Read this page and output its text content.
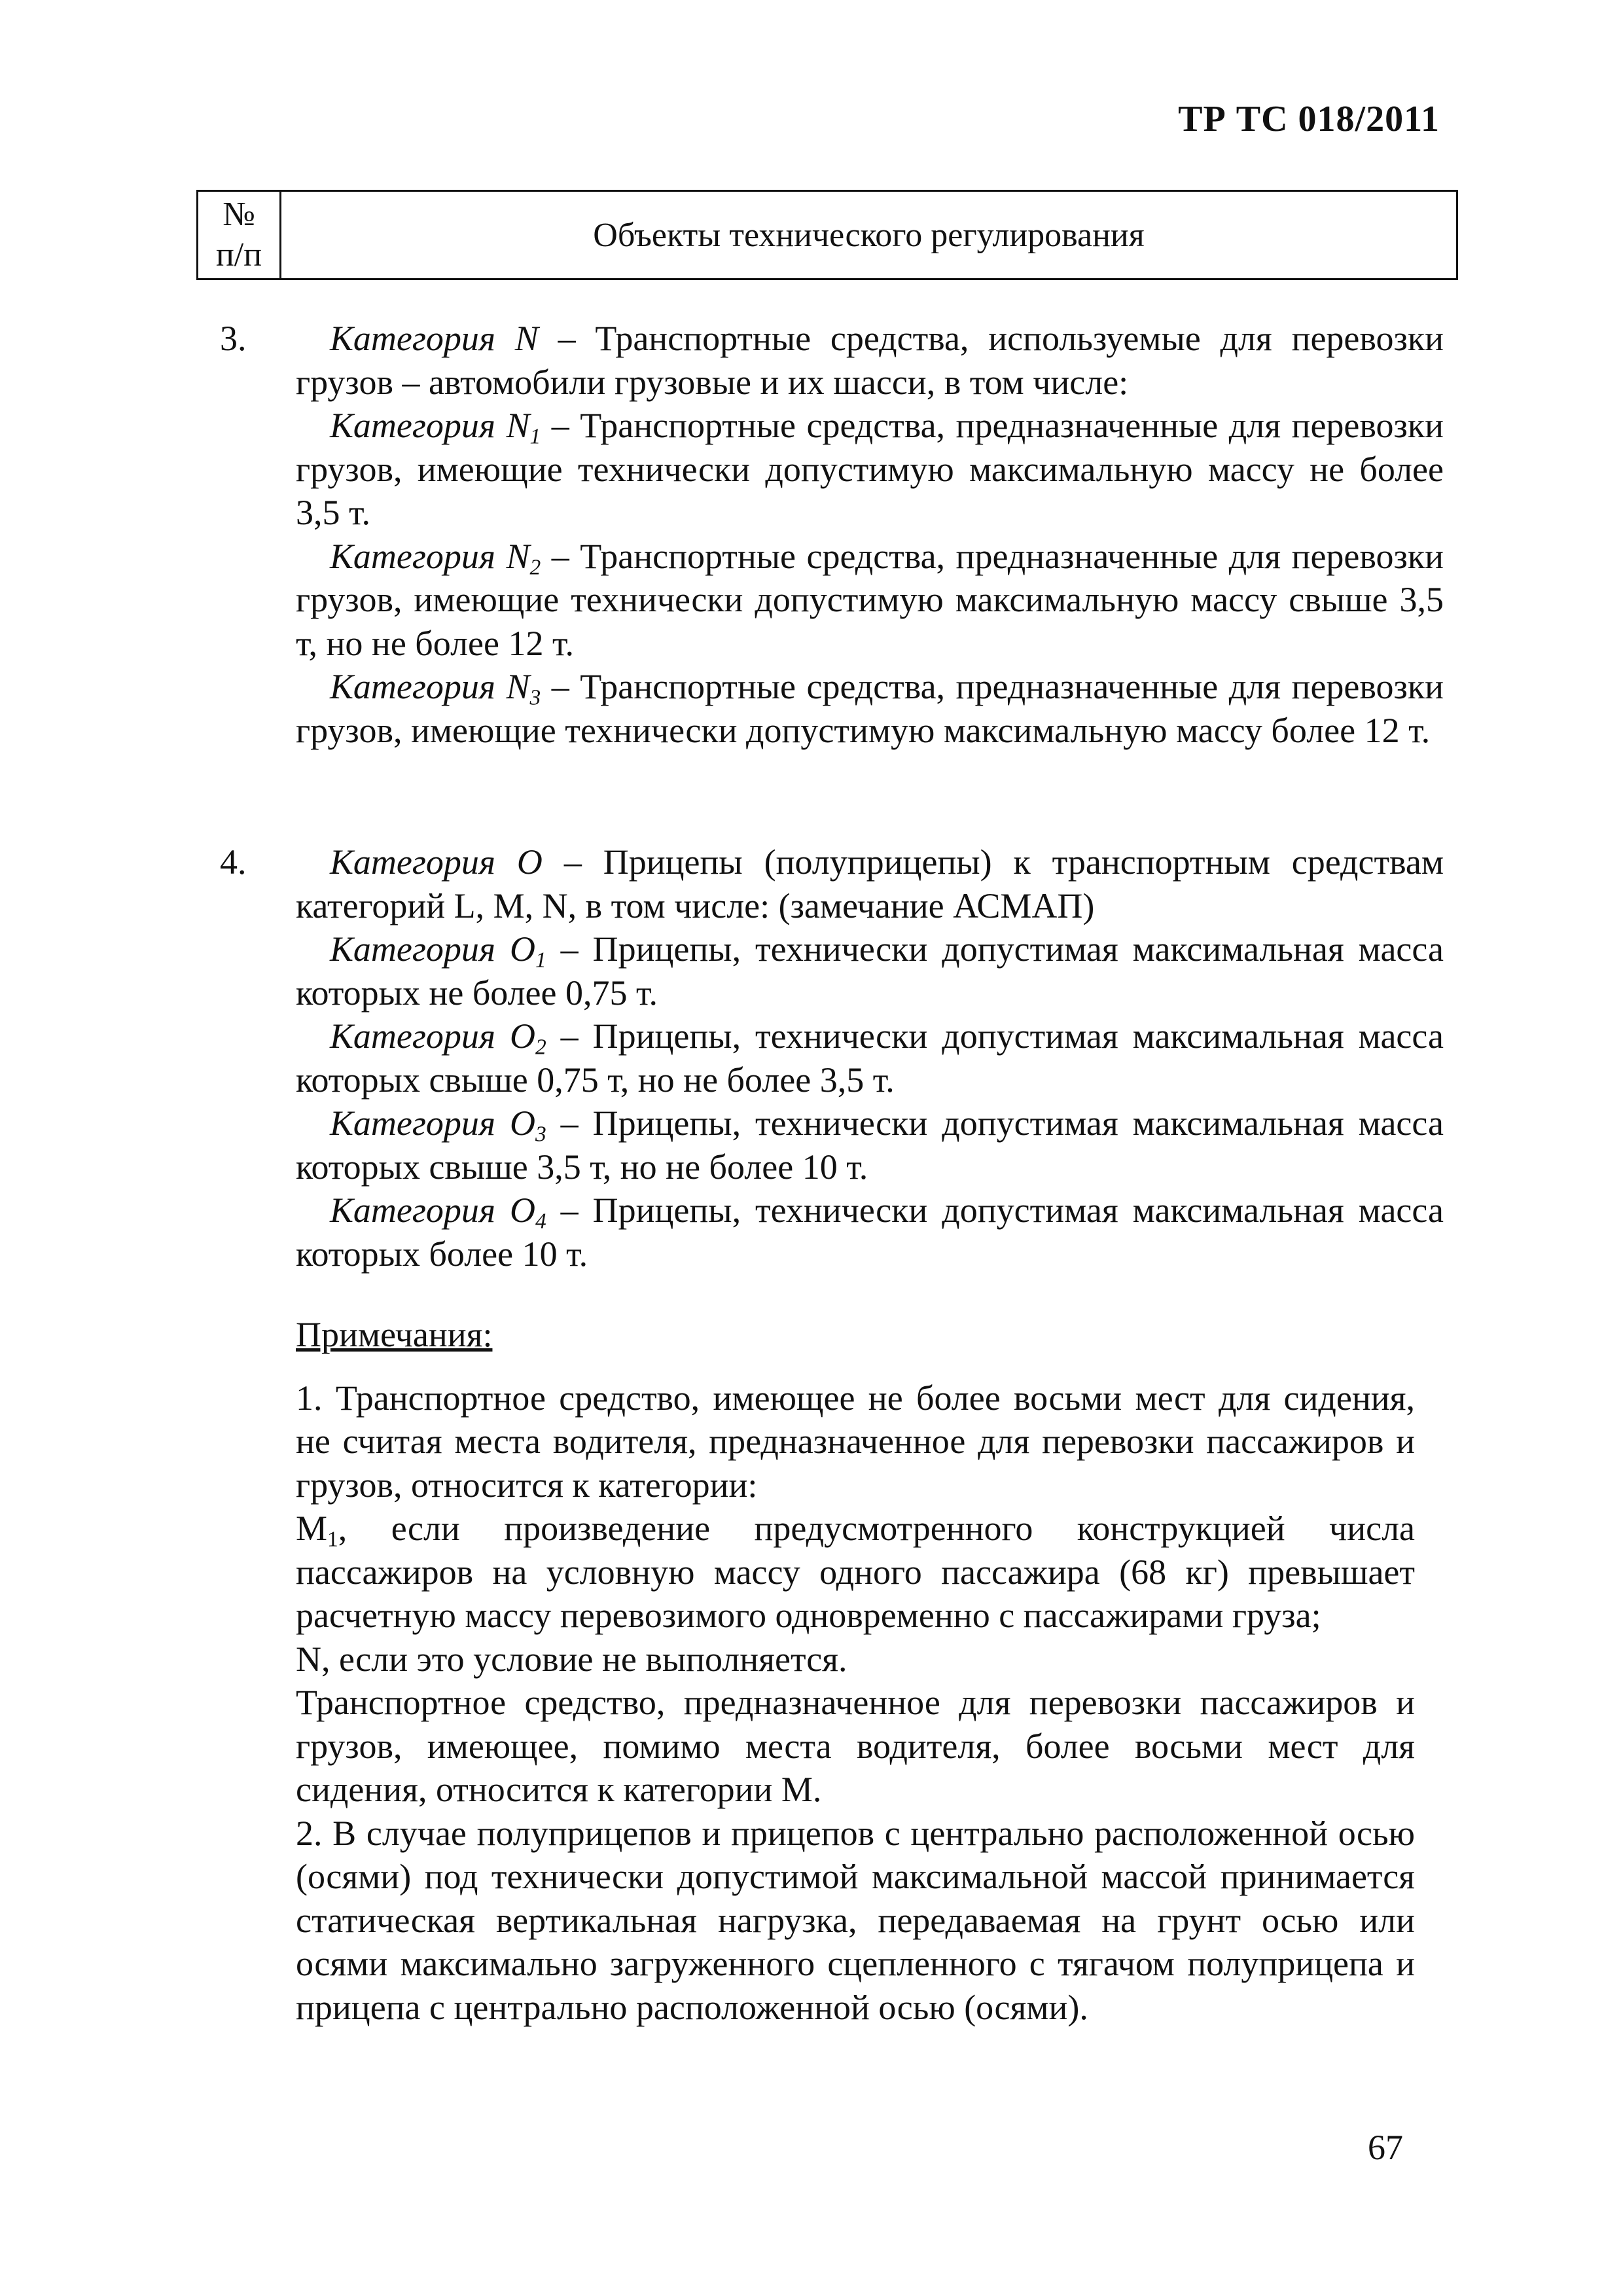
ТР ТС 018/2011
№
п/п
Объекты технического регулирования
3.	Категория N – Транспортные средства, используемые для перевозки грузов – автомобили грузовые и их шасси, в том числе:

Категория $N_1$ – Транспортные средства, предназначенные для перевозки грузов, имеющие технически допустимую максимальную массу не более 3,5 т.

Категория $N_2$ – Транспортные средства, предназначенные для перевозки грузов, имеющие технически допустимую максимальную массу свыше 3,5 т, но не более 12 т.

Категория $N_3$ – Транспортные средства, предназначенные для перевозки грузов, имеющие технически допустимую максимальную массу более 12 т.

4.	Категория O – Прицепы (полуприцепы) к транспортным средствам категорий L, M, N, в том числе: (замечание АСМАП)

Категория $O_1$ – Прицепы, технически допустимая максимальная масса которых не более 0,75 т.

Категория $O_2$ – Прицепы, технически допустимая максимальная масса которых свыше 0,75 т, но не более 3,5 т.

Категория $O_3$ – Прицепы, технически допустимая максимальная масса которых свыше 3,5 т, но не более 10 т.

Категория $O_4$ – Прицепы, технически допустимая максимальная масса которых более 10 т.

Примечания:

1. Транспортное средство, имеющее не более восьми мест для сидения, не считая места водителя, предназначенное для перевозки пассажиров и грузов, относится к категории:

$M_1$, если произведение предусмотренного конструкцией числа пассажиров на условную массу одного пассажира (68 кг) превышает расчетную массу перевозимого одновременно с пассажирами груза;

N, если это условие не выполняется.

Транспортное средство, предназначенное для перевозки пассажиров и грузов, имеющее, помимо места водителя, более восьми мест для сидения, относится к категории M.

2. В случае полуприцепов и прицепов с центрально расположенной осью (осями) под технически допустимой максимальной массой принимается статическая вертикальная нагрузка, передаваемая на грунт осью или осями максимально загруженного сцепленного с тягачом полуприцепа и прицепа с центрально расположенной осью (осями).

67
